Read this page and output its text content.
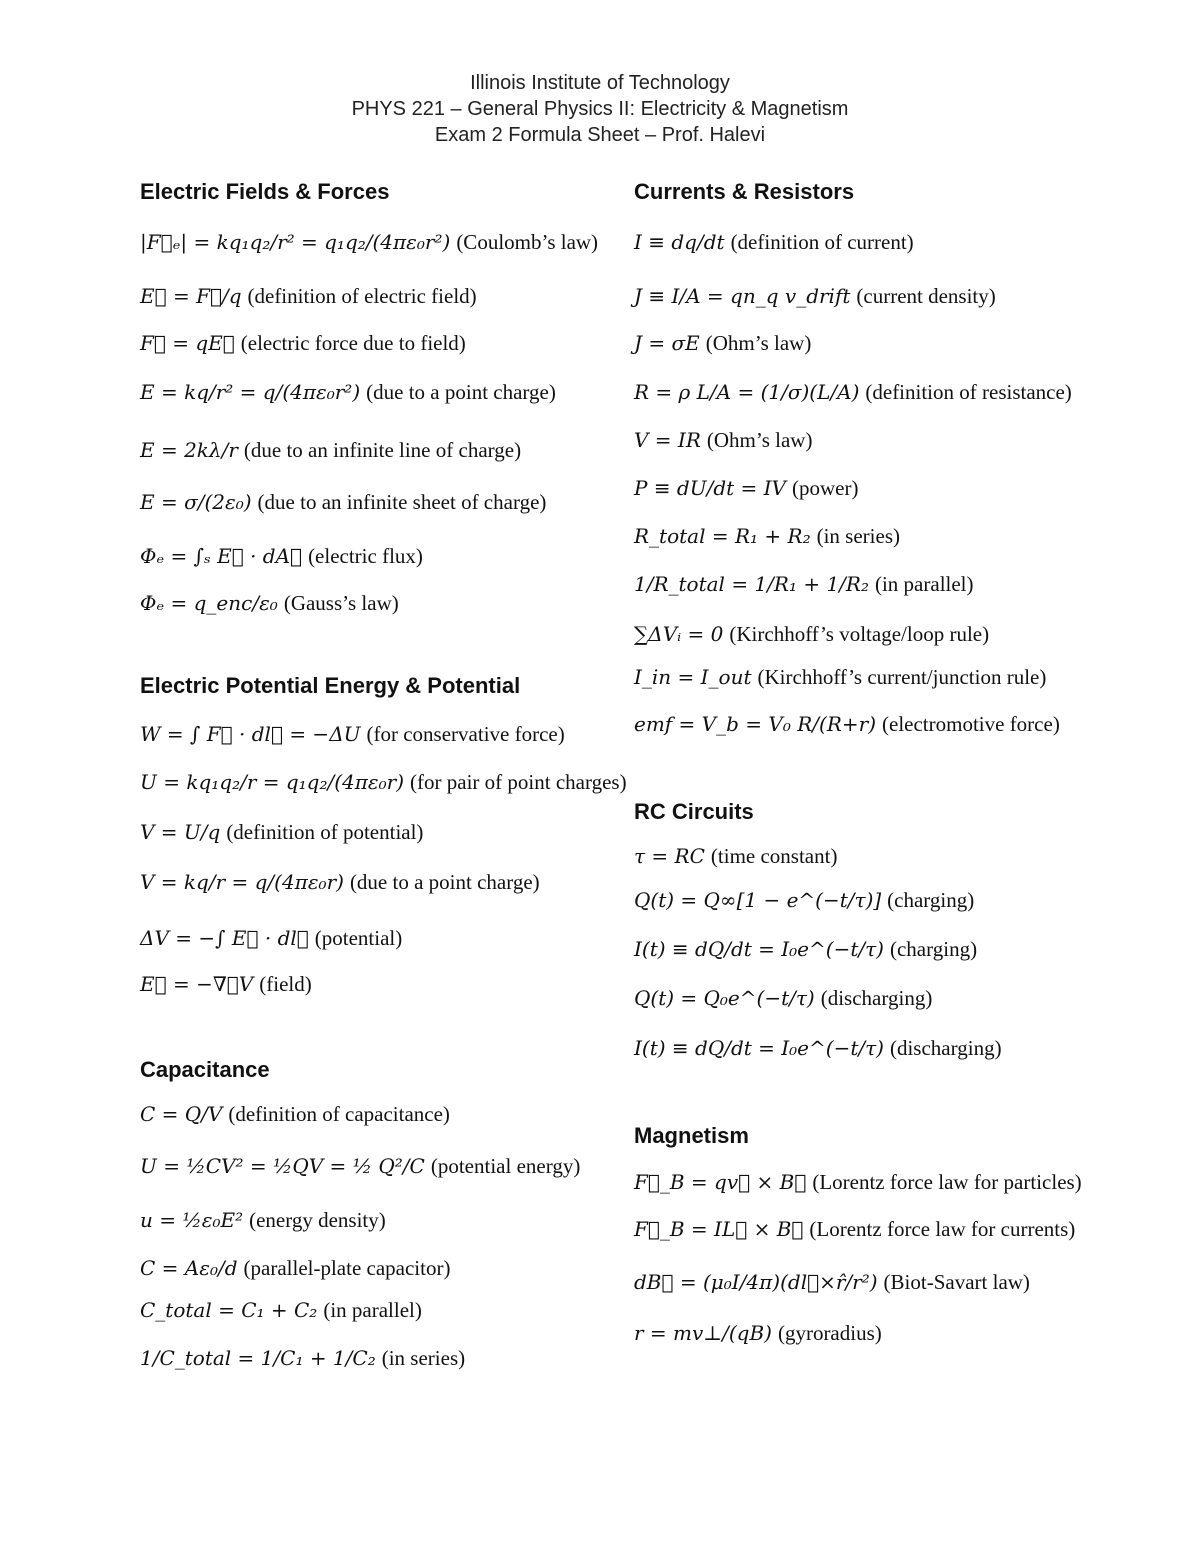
Illinois Institute of Technology
PHYS 221 – General Physics II: Electricity & Magnetism
Exam 2 Formula Sheet – Prof. Halevi
Electric Fields & Forces
|F⃗ₑ| = kq₁q₂/r² = q₁q₂/(4πε₀r²) (Coulomb’s law)
E⃗ = F⃗/q (definition of electric field)
F⃗ = qE⃗ (electric force due to field)
E = kq/r² = q/(4πε₀r²) (due to a point charge)
E = 2kλ/r (due to an infinite line of charge)
E = σ/(2ε₀) (due to an infinite sheet of charge)
Φₑ = ∫ₛ E⃗ · dA⃗ (electric flux)
Φₑ = q_enc/ε₀ (Gauss’s law)
Electric Potential Energy & Potential
W = ∫ F⃗ · dl⃗ = −ΔU (for conservative force)
U = kq₁q₂/r = q₁q₂/(4πε₀r) (for pair of point charges)
V = U/q (definition of potential)
V = kq/r = q/(4πε₀r) (due to a point charge)
ΔV = −∫ E⃗ · dl⃗ (potential)
E⃗ = −∇⃗V (field)
Capacitance
C = Q/V (definition of capacitance)
U = ½CV² = ½QV = ½ Q²/C (potential energy)
u = ½ε₀E² (energy density)
C = Aε₀/d (parallel-plate capacitor)
C_total = C₁ + C₂ (in parallel)
1/C_total = 1/C₁ + 1/C₂ (in series)
Currents & Resistors
I ≡ dq/dt (definition of current)
J ≡ I/A = qn_q v_drift (current density)
J = σE (Ohm’s law)
R = ρ L/A = (1/σ)(L/A) (definition of resistance)
V = IR (Ohm’s law)
P ≡ dU/dt = IV (power)
R_total = R₁ + R₂ (in series)
1/R_total = 1/R₁ + 1/R₂ (in parallel)
∑ΔVᵢ = 0 (Kirchhoff’s voltage/loop rule)
I_in = I_out (Kirchhoff’s current/junction rule)
emf = V_b = V₀ R/(R+r) (electromotive force)
RC Circuits
τ = RC (time constant)
Q(t) = Q∞[1 − e^(−t/τ)] (charging)
I(t) ≡ dQ/dt = I₀e^(−t/τ) (charging)
Q(t) = Q₀e^(−t/τ) (discharging)
I(t) ≡ dQ/dt = I₀e^(−t/τ) (discharging)
Magnetism
F⃗_B = qv⃗ × B⃗ (Lorentz force law for particles)
F⃗_B = IL⃗ × B⃗ (Lorentz force law for currents)
dB⃗ = (μ₀I/4π)(dl⃗×r̂/r²) (Biot-Savart law)
r = mv⊥/(qB) (gyroradius)
